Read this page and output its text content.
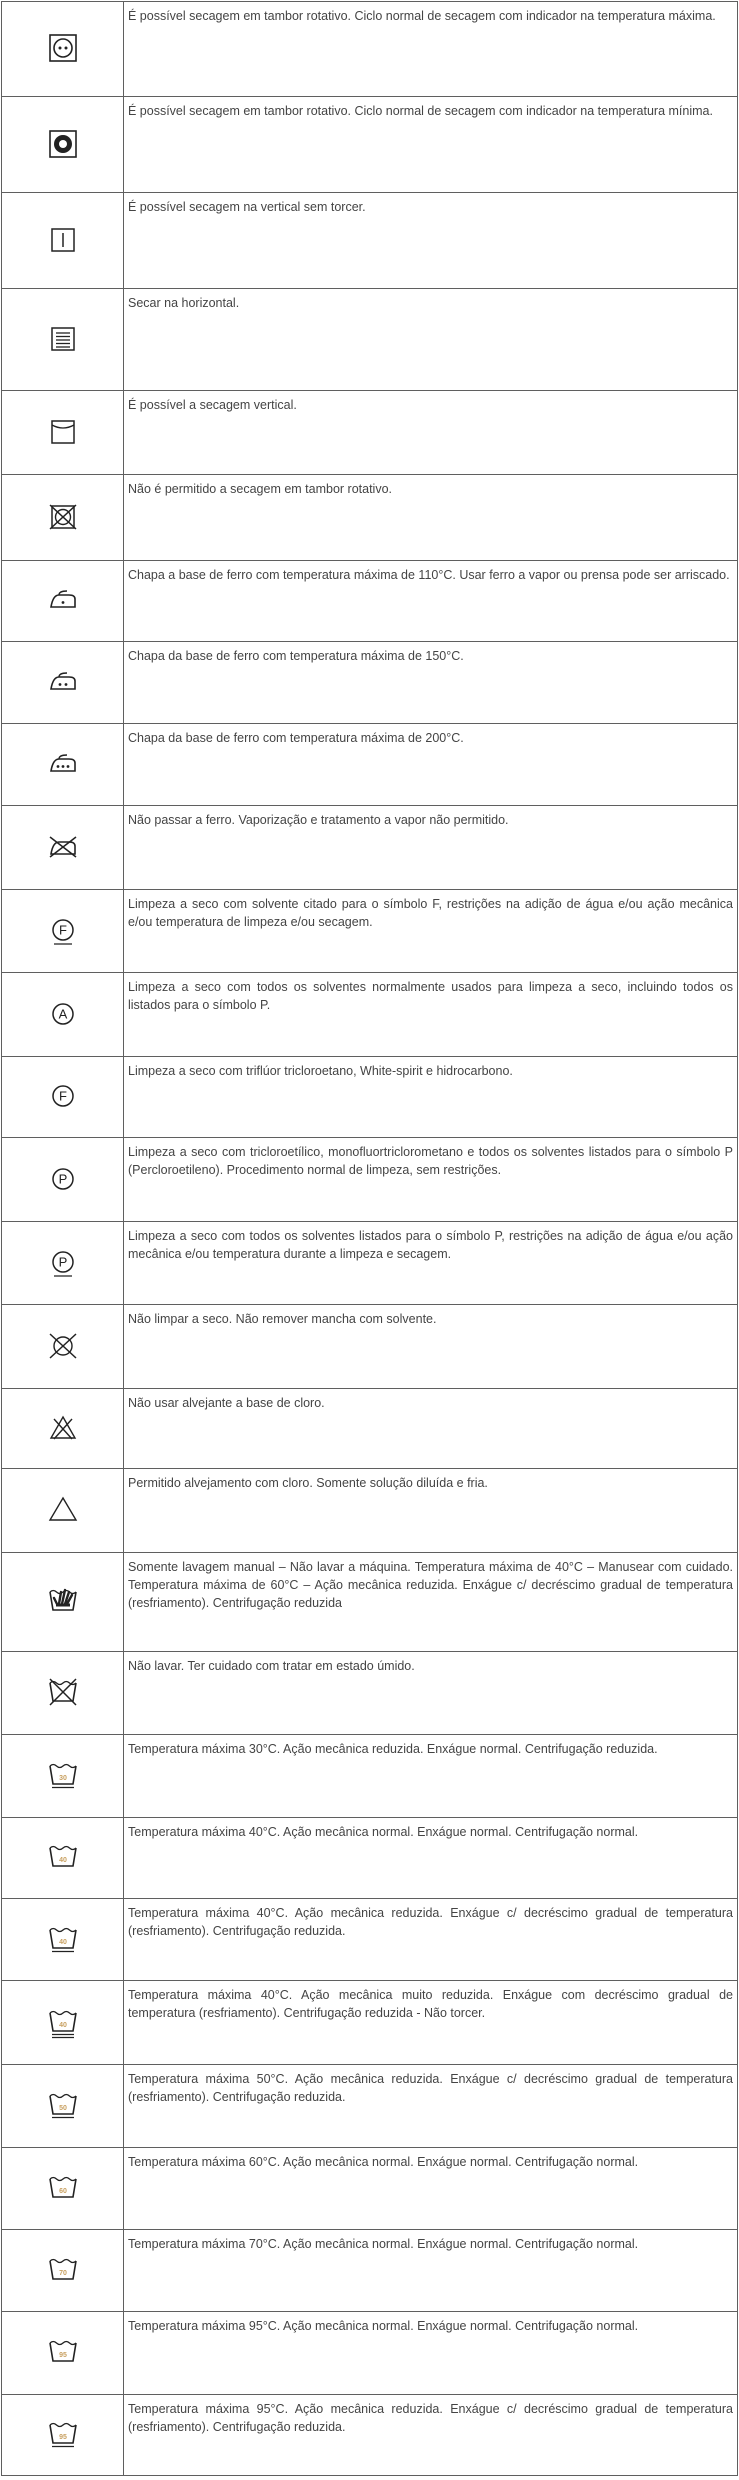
	É possível secagem em tambor rotativo. Ciclo normal de secagem com indicador na temperatura máxima.

	É possível secagem em tambor rotativo. Ciclo normal de secagem com indicador na temperatura mínima.

	É possível secagem na vertical sem torcer.

	Secar na horizontal.

	É possível a secagem vertical.

	Não é permitido a secagem em tambor rotativo.

	Chapa a base de ferro com temperatura máxima de 110°C. Usar ferro a vapor ou prensa pode ser arriscado.

	Chapa da base de ferro com temperatura máxima de 150°C.

	Chapa da base de ferro com temperatura máxima de 200°C.

	Não passar a ferro. Vaporização e tratamento a vapor não permitido.

F	Limpeza a seco com solvente citado para o símbolo F, restrições na adição de água e/ou ação mecânica e/ou temperatura de limpeza e/ou secagem.

A	Limpeza a seco com todos os solventes normalmente usados para limpeza a seco, incluindo todos os listados para o símbolo P.

F	Limpeza a seco com triflúor tricloroetano, White-spirit e hidrocarbono.

P	Limpeza a seco com tricloroetílico, monofluortriclorometano e todos os solventes listados para o símbolo P (Percloroetileno). Procedimento normal de limpeza, sem restrições.

P	Limpeza a seco com todos os solventes listados para o símbolo P, restrições na adição de água e/ou ação mecânica e/ou temperatura durante a limpeza e secagem.

	Não limpar a seco. Não remover mancha com solvente.

	Não usar alvejante a base de cloro.

	Permitido alvejamento com cloro. Somente solução diluída e fria.

	Somente lavagem manual – Não lavar a máquina. Temperatura máxima de 40°C – Manusear com cuidado. Temperatura máxima de 60°C – Ação mecânica reduzida. Enxágue c/ decréscimo gradual de temperatura (resfriamento). Centrifugação reduzida

	Não lavar. Ter cuidado com tratar em estado úmido.

30	Temperatura máxima 30°C. Ação mecânica reduzida. Enxágue normal. Centrifugação reduzida.

40	Temperatura máxima 40°C. Ação mecânica normal. Enxágue normal. Centrifugação normal.

40	Temperatura máxima 40°C. Ação mecânica reduzida. Enxágue c/ decréscimo gradual de temperatura (resfriamento). Centrifugação reduzida.

40	Temperatura máxima 40°C. Ação mecânica muito reduzida. Enxágue com decréscimo gradual de temperatura (resfriamento). Centrifugação reduzida - Não torcer.

50	Temperatura máxima 50°C. Ação mecânica reduzida. Enxágue c/ decréscimo gradual de temperatura (resfriamento). Centrifugação reduzida.

60	Temperatura máxima 60°C. Ação mecânica normal. Enxágue normal. Centrifugação normal.

70	Temperatura máxima 70°C. Ação mecânica normal. Enxágue normal. Centrifugação normal.

95	Temperatura máxima 95°C. Ação mecânica normal. Enxágue normal. Centrifugação normal.

95	Temperatura máxima 95°C. Ação mecânica reduzida. Enxágue c/ decréscimo gradual de temperatura (resfriamento). Centrifugação reduzida.
